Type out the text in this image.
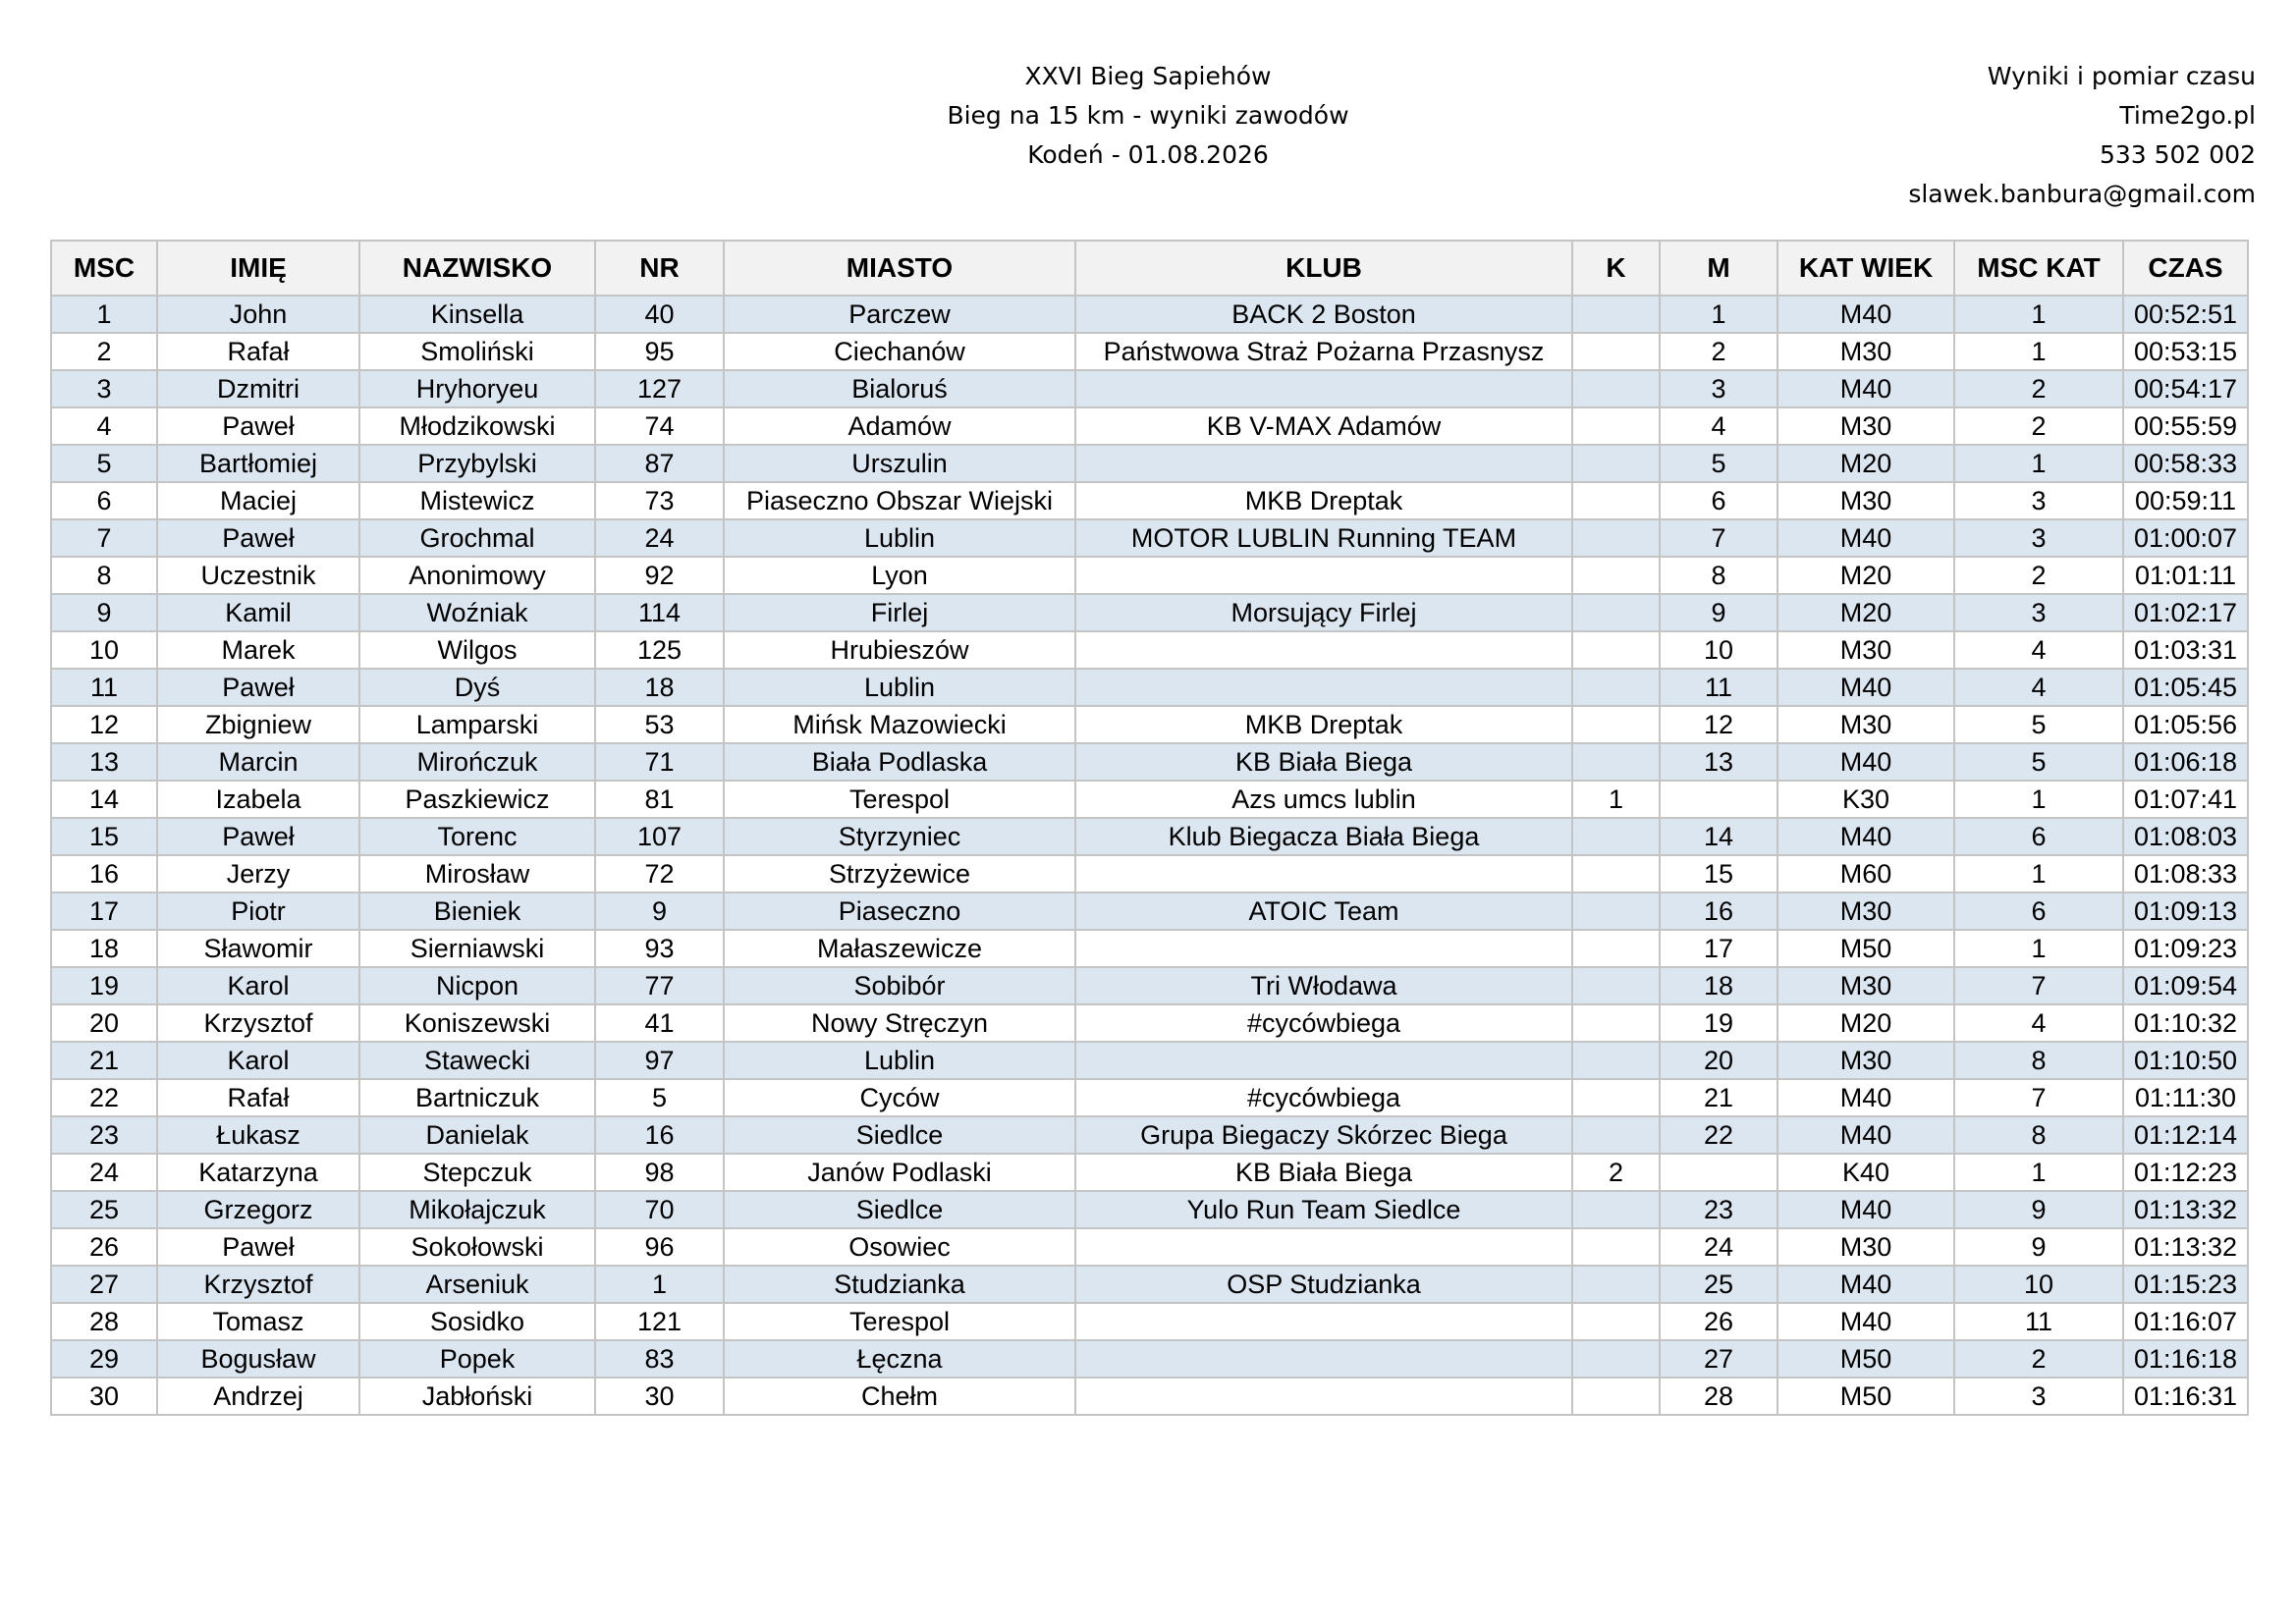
XXVI Bieg Sapiehów
Bieg na 15 km - wyniki zawodów
Kodeń - 01.08.2026
Wyniki i pomiar czasu
Time2go.pl
533 502 002
slawek.banbura@gmail.com
MSC	IMIĘ	NAZWISKO	NR	MIASTO	KLUB	K	M	KAT WIEK	MSC KAT	CZAS
1	John	Kinsella	40	Parczew	BACK 2 Boston		1	M40	1	00:52:51
2	Rafał	Smoliński	95	Ciechanów	Państwowa Straż Pożarna Przasnysz		2	M30	1	00:53:15
3	Dzmitri	Hryhoryeu	127	Bialoruś			3	M40	2	00:54:17
4	Paweł	Młodzikowski	74	Adamów	KB V-MAX Adamów		4	M30	2	00:55:59
5	Bartłomiej	Przybylski	87	Urszulin			5	M20	1	00:58:33
6	Maciej	Mistewicz	73	Piaseczno Obszar Wiejski	MKB Dreptak		6	M30	3	00:59:11
7	Paweł	Grochmal	24	Lublin	MOTOR LUBLIN Running TEAM		7	M40	3	01:00:07
8	Uczestnik	Anonimowy	92	Lyon			8	M20	2	01:01:11
9	Kamil	Woźniak	114	Firlej	Morsujący Firlej		9	M20	3	01:02:17
10	Marek	Wilgos	125	Hrubieszów			10	M30	4	01:03:31
11	Paweł	Dyś	18	Lublin			11	M40	4	01:05:45
12	Zbigniew	Lamparski	53	Mińsk Mazowiecki	MKB Dreptak		12	M30	5	01:05:56
13	Marcin	Mirończuk	71	Biała Podlaska	KB Biała Biega		13	M40	5	01:06:18
14	Izabela	Paszkiewicz	81	Terespol	Azs umcs lublin	1		K30	1	01:07:41
15	Paweł	Torenc	107	Styrzyniec	Klub Biegacza Biała Biega		14	M40	6	01:08:03
16	Jerzy	Mirosław	72	Strzyżewice			15	M60	1	01:08:33
17	Piotr	Bieniek	9	Piaseczno	ATOIC Team		16	M30	6	01:09:13
18	Sławomir	Sierniawski	93	Małaszewicze			17	M50	1	01:09:23
19	Karol	Nicpon	77	Sobibór	Tri Włodawa		18	M30	7	01:09:54
20	Krzysztof	Koniszewski	41	Nowy Stręczyn	#cycówbiega		19	M20	4	01:10:32
21	Karol	Stawecki	97	Lublin			20	M30	8	01:10:50
22	Rafał	Bartniczuk	5	Cyców	#cycówbiega		21	M40	7	01:11:30
23	Łukasz	Danielak	16	Siedlce	Grupa Biegaczy Skórzec Biega		22	M40	8	01:12:14
24	Katarzyna	Stepczuk	98	Janów Podlaski	KB Biała Biega	2		K40	1	01:12:23
25	Grzegorz	Mikołajczuk	70	Siedlce	Yulo Run Team Siedlce		23	M40	9	01:13:32
26	Paweł	Sokołowski	96	Osowiec			24	M30	9	01:13:32
27	Krzysztof	Arseniuk	1	Studzianka	OSP Studzianka		25	M40	10	01:15:23
28	Tomasz	Sosidko	121	Terespol			26	M40	11	01:16:07
29	Bogusław	Popek	83	Łęczna			27	M50	2	01:16:18
30	Andrzej	Jabłoński	30	Chełm			28	M50	3	01:16:31
